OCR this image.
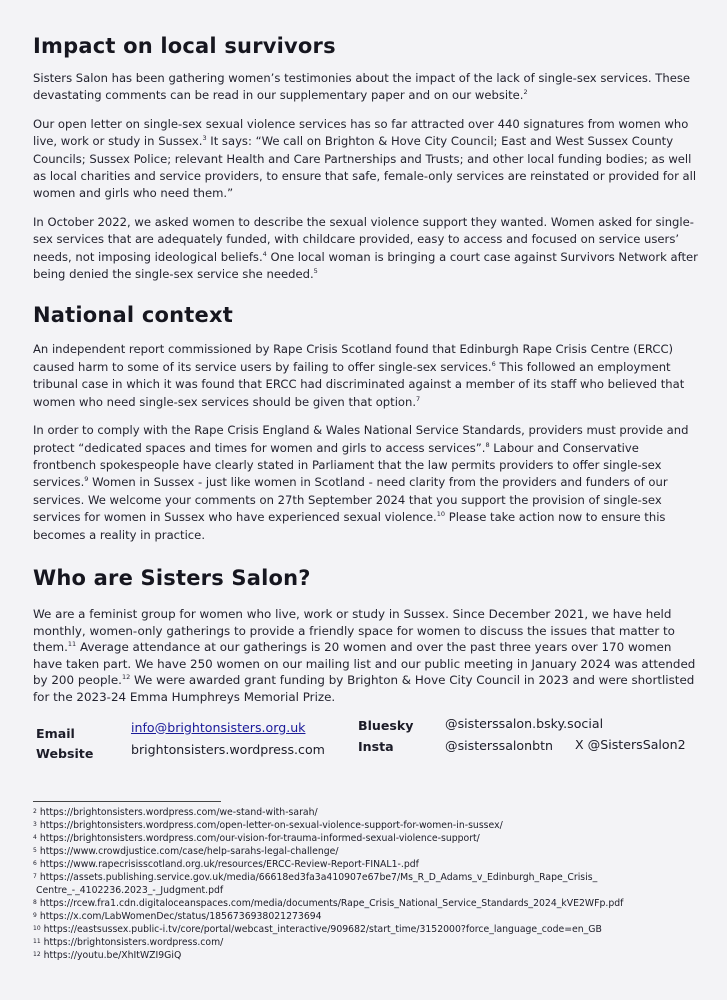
Impact on local survivors

Sisters Salon has been gathering women’s testimonies about the impact of the lack of single-sex services. These devastating comments can be read in our supplementary paper and on our website.$^2$

Our open letter on single-sex sexual violence services has so far attracted over 440 signatures from women who live, work or study in Sussex.$^3$ It says: “We call on Brighton & Hove City Council; East and West Sussex County Councils; Sussex Police; relevant Health and Care Partnerships and Trusts; and other local funding bodies; as well as local charities and service providers, to ensure that safe, female-only services are reinstated or provided for all women and girls who need them.”

In October 2022, we asked women to describe the sexual violence support they wanted. Women asked for single-sex services that are adequately funded, with childcare provided, easy to access and focused on service users’ needs, not imposing ideological beliefs.$^4$ One local woman is bringing a court case against Survivors Network after being denied the single-sex service she needed.$^5$

National context

An independent report commissioned by Rape Crisis Scotland found that Edinburgh Rape Crisis Centre (ERCC) caused harm to some of its service users by failing to offer single-sex services.$^6$ This followed an employment tribunal case in which it was found that ERCC had discriminated against a member of its staff who believed that women who need single-sex services should be given that option.$^7$

In order to comply with the Rape Crisis England & Wales National Service Standards, providers must provide and protect “dedicated spaces and times for women and girls to access services”.$^8$ Labour and Conservative frontbench spokespeople have clearly stated in Parliament that the law permits providers to offer single-sex services.$^9$ Women in Sussex - just like women in Scotland - need clarity from the providers and funders of our services. We welcome your comments on 27th September 2024 that you support the provision of single-sex services for women in Sussex who have experienced sexual violence.$^{10}$ Please take action now to ensure this becomes a reality in practice.

Who are Sisters Salon?

We are a feminist group for women who live, work or study in Sussex. Since December 2021, we have held monthly, women-only gatherings to provide a friendly space for women to discuss the issues that matter to them.$^{11}$ Average attendance at our gatherings is 20 women and over the past three years over 170 women have taken part. We have 250 women on our mailing list and our public meeting in January 2024 was attended by 200 people.$^{12}$ We were awarded grant funding by Brighton & Hove City Council in 2023 and were shortlisted for the 2023-24 Emma Humphreys Memorial Prize.

Email	info@brightonsisters.org.uk
Website	brightonsisters.wordpress.com
Bluesky @sisterssalon.bsky.social
Insta	@sisterssalonbtn X @SistersSalon2
$^2$ https://brightonsisters.wordpress.com/we-stand-with-sarah/
$^3$ https://brightonsisters.wordpress.com/open-letter-on-sexual-violence-support-for-women-in-sussex/
$^4$ https://brightonsisters.wordpress.com/our-vision-for-trauma-informed-sexual-violence-support/
$^5$ https://www.crowdjustice.com/case/help-sarahs-legal-challenge/
$^6$ https://www.rapecrisisscotland.org.uk/resources/ERCC-Review-Report-FINAL1-.pdf
$^7$ https://assets.publishing.service.gov.uk/media/66618ed3fa3a410907e67be7/Ms_R_D_Adams_v_Edinburgh_Rape_Crisis_
Centre_-_4102236.2023_-_Judgment.pdf
$^8$ https://rcew.fra1.cdn.digitaloceanspaces.com/media/documents/Rape_Crisis_National_Service_Standards_2024_kVE2WFp.pdf
$^9$ https://x.com/LabWomenDec/status/1856736938021273694
$^{10}$ https://eastsussex.public-i.tv/core/portal/webcast_interactive/909682/start_time/3152000?force_language_code=en_GB
$^{11}$ https://brightonsisters.wordpress.com/
$^{12}$ https://youtu.be/XhItWZI9GiQ
